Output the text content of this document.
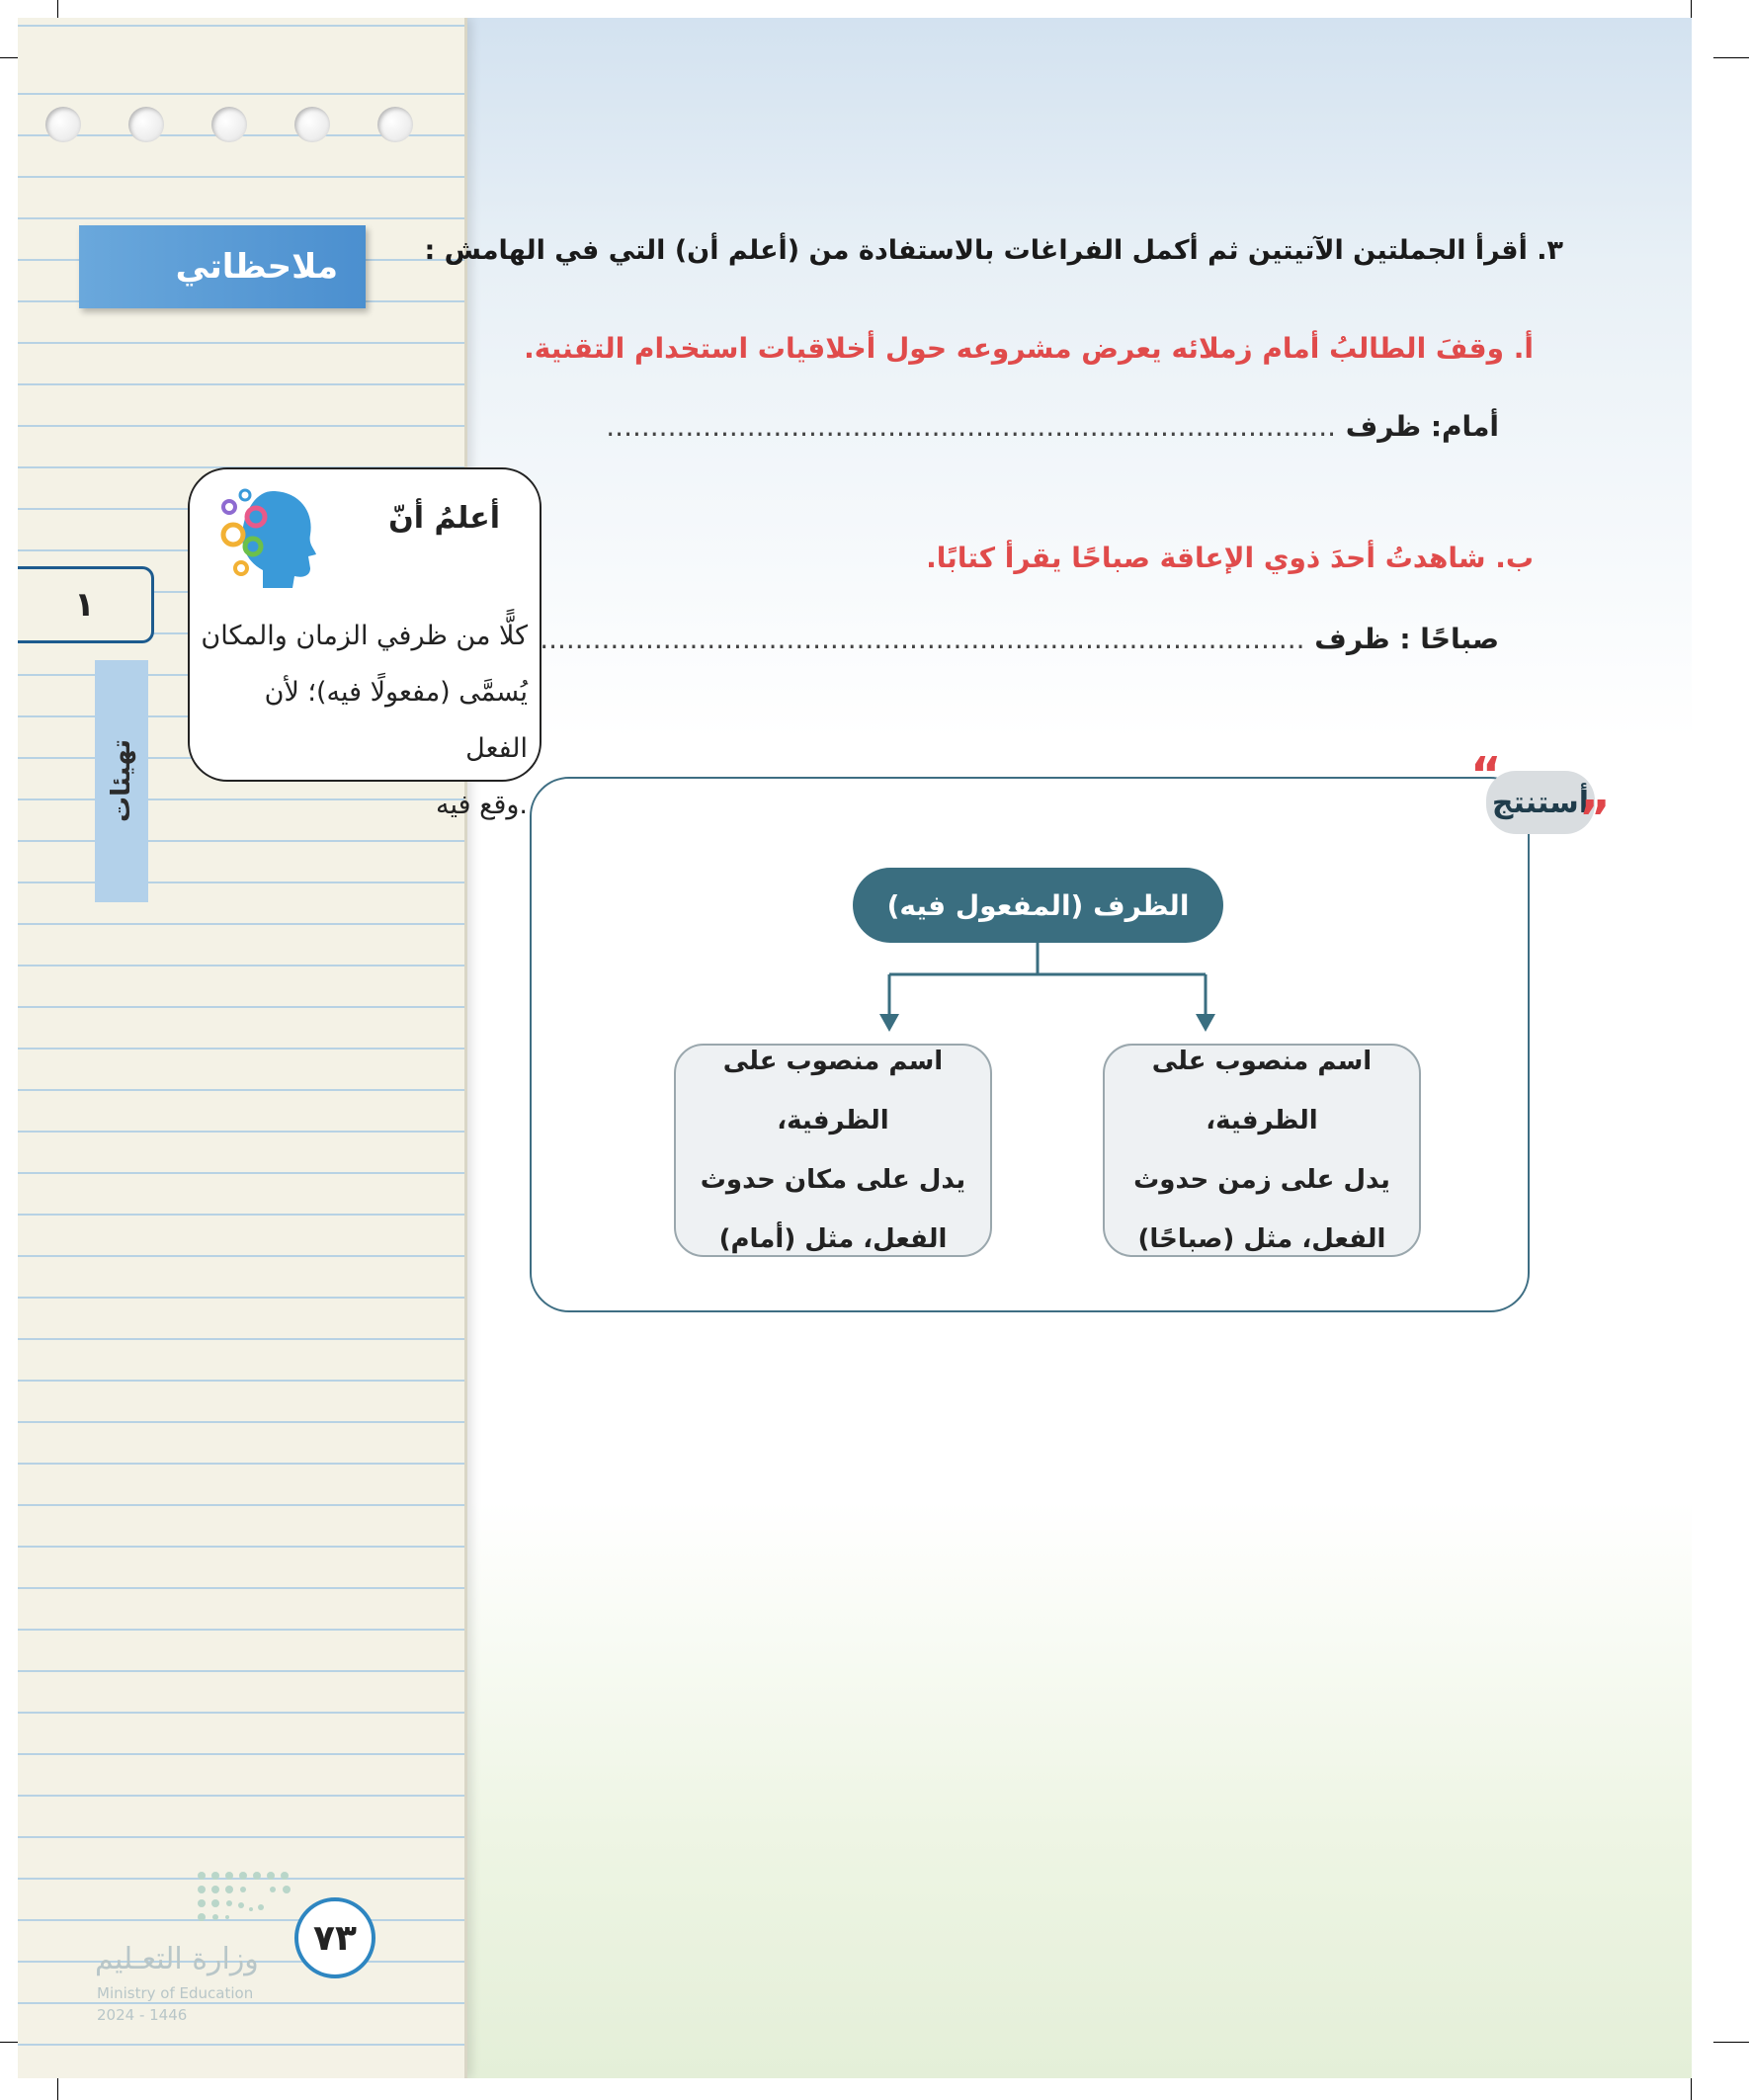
ملاحظاتي
١
تهيئات
وزارة التعـليم
Ministry of Education
2024 - 1446
٧٣
أعلمُ أنّ
كلًّا من ظرفي الزمان والمكان
يُسمَّى (مفعولًا فيه)؛ لأن الفعل
وقع فيه.
٣. أقرأ الجملتين الآتيتين ثم أكمل الفراغات بالاستفادة من (أعلم أن) التي في الهامش :
أ. وقفَ الطالبُ أمام زملائه يعرض مشروعه حول أخلاقيات استخدام التقنية.
أمام: ظرف ...................................................................................
ب. شاهدتُ أحدَ ذوي الإعاقة صباحًا يقرأ كتابًا.
صباحًا : ظرف .......................................................................................
أستنتج
“
”
الظرف (المفعول فيه)
اسم منصوب على الظرفية،
يدل على زمن حدوث
الفعل، مثل (صباحًا)
اسم منصوب على الظرفية،
يدل على مكان حدوث
الفعل، مثل (أمام)
